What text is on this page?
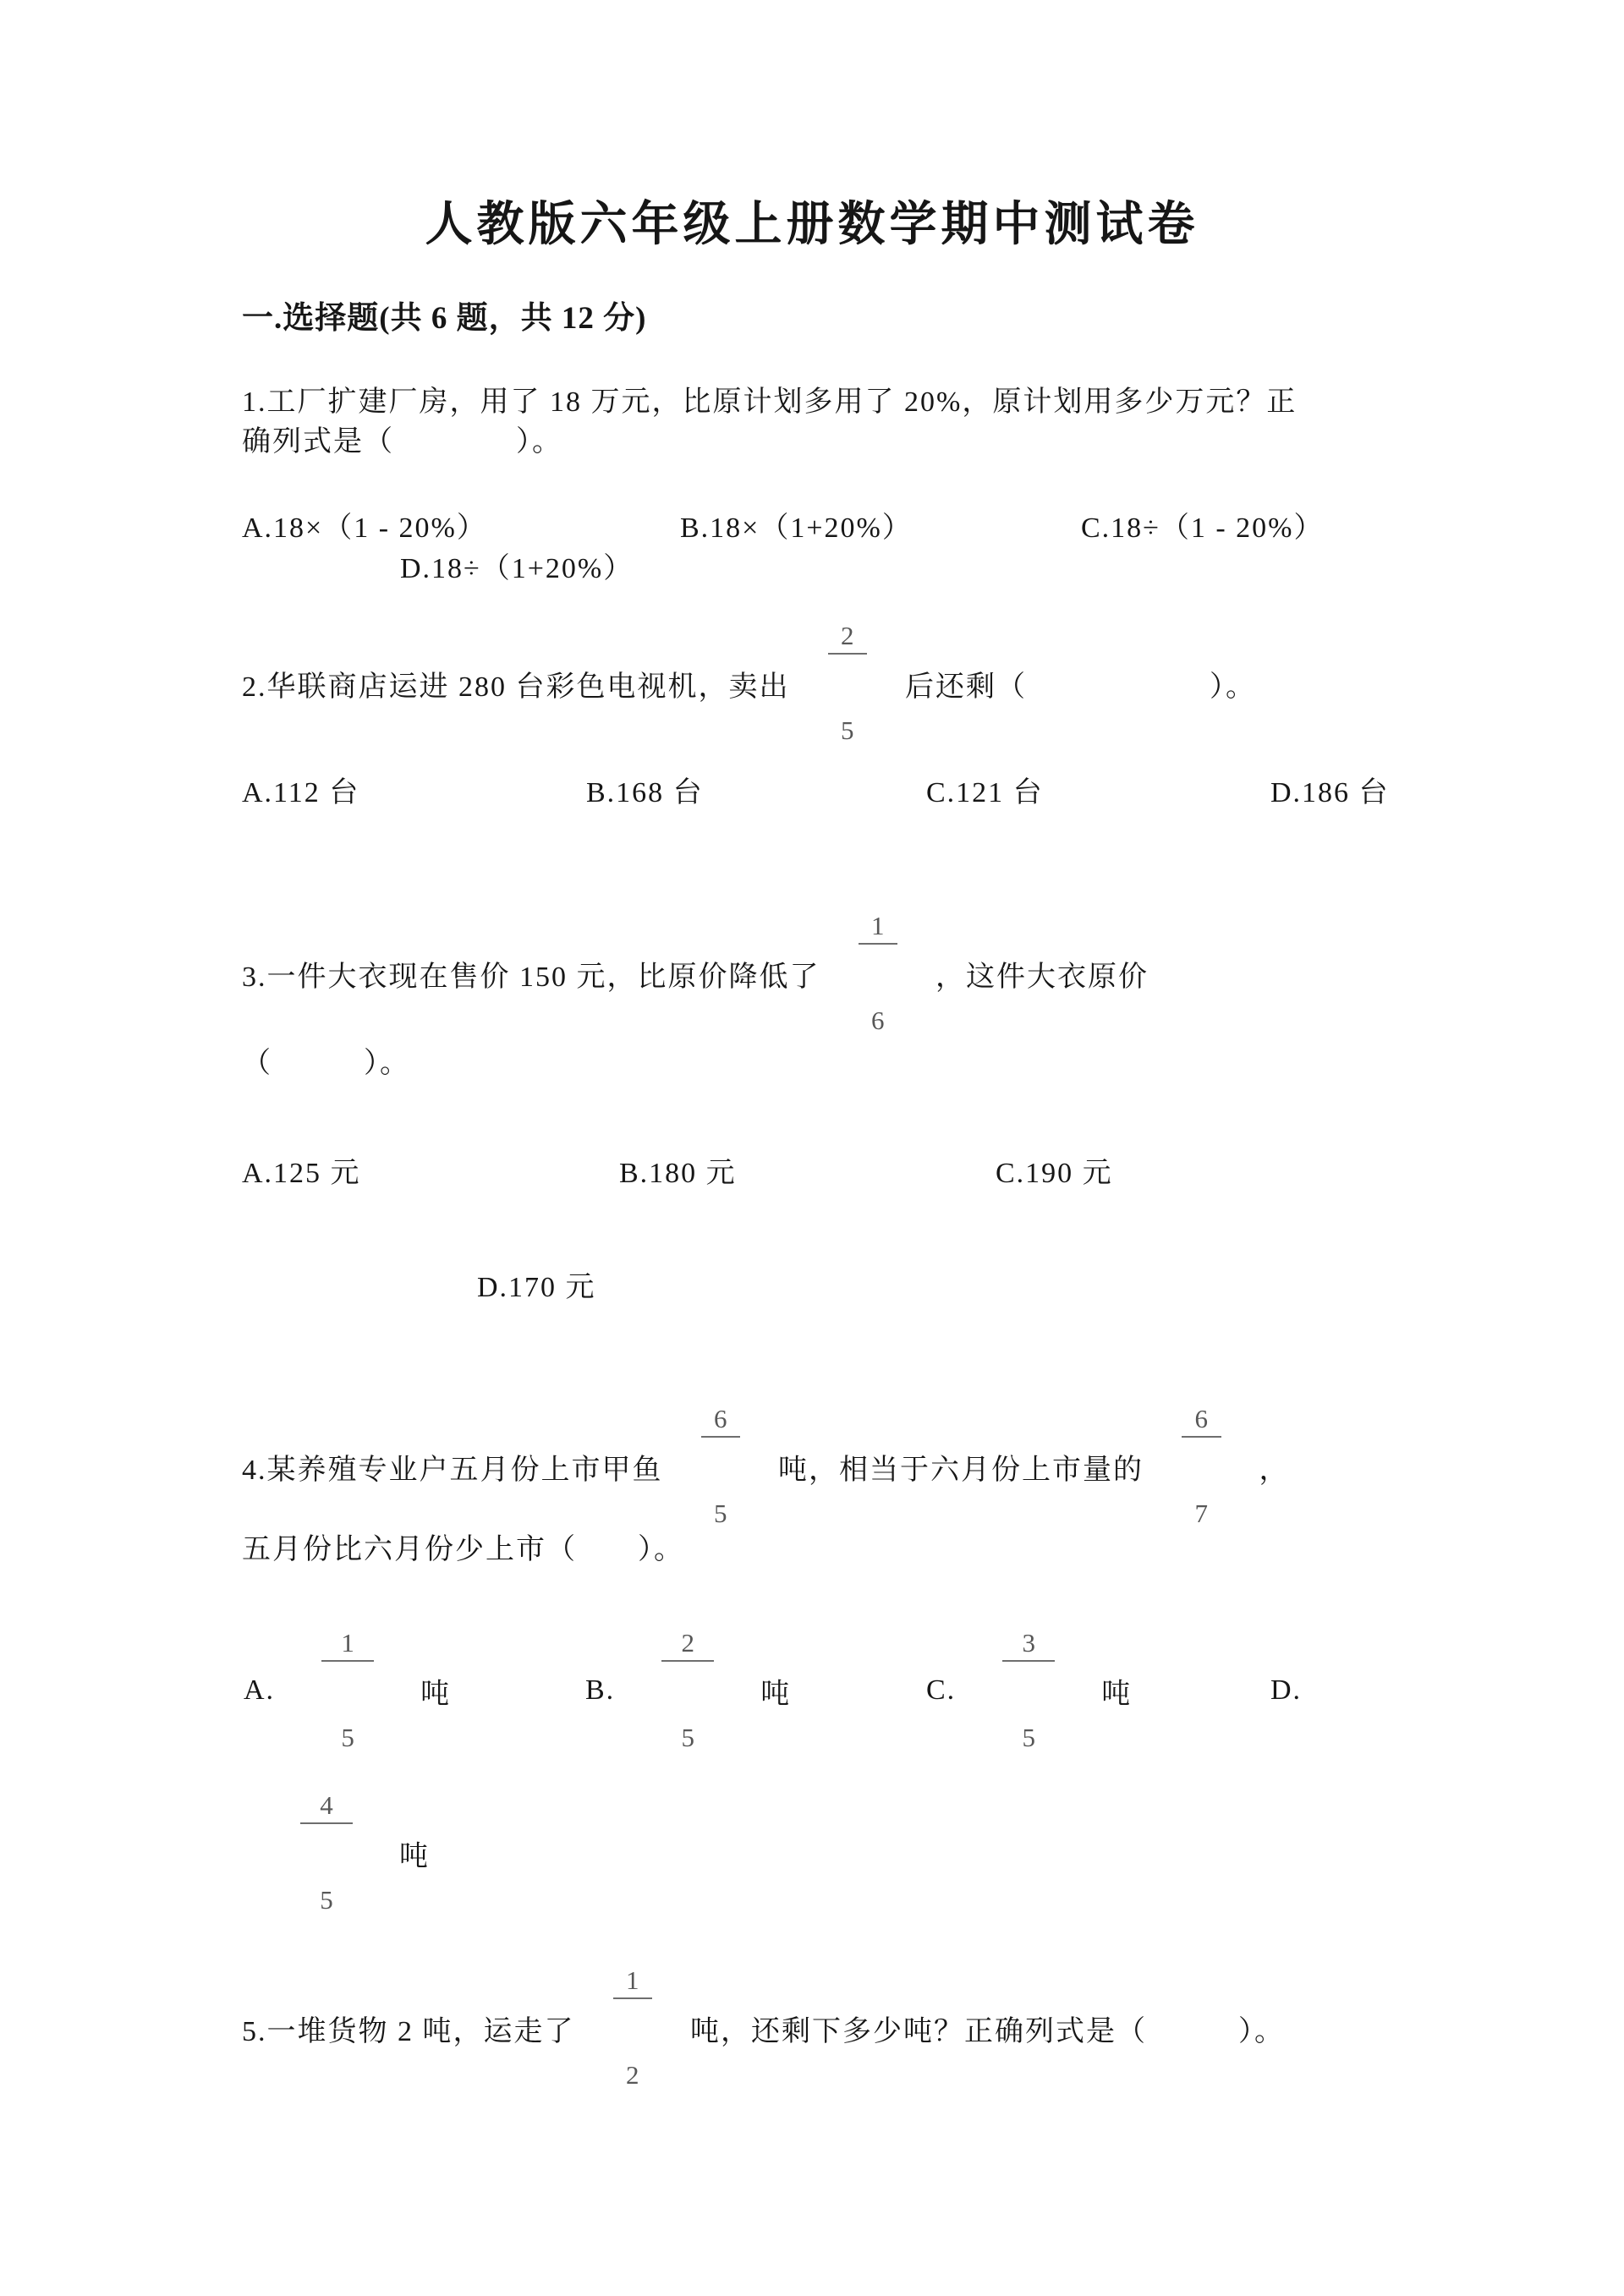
人教版六年级上册数学期中测试卷
一.选择题(共 6 题，共 12 分)
1.工厂扩建厂房，用了 18 万元，比原计划多用了 20%，原计划用多少万元？正
确列式是（　　　　）。
A.18×（1 - 20%）	B.18×（1+20%）	C.18÷（1 - 20%）
D.18÷（1+20%）
2.华联商店运进 280 台彩色电视机，卖出

$\frac{2}{5}$

后还剩（　　　　　　）。
A.112 台	B.168 台	C.121 台	D.186 台
3.一件大衣现在售价 150 元，比原价降低了

$\frac{1}{6}$

，这件大衣原价
（　　　）。
A.125 元	B.180 元	C.190 元
D.170 元
4.某养殖专业户五月份上市甲鱼

$\frac{6}{5}$

吨，相当于六月份上市量的

$\frac{6}{7}$

，
五月份比六月份少上市（　　）。
A.

$\frac{1}{5}$

吨	B.

$\frac{2}{5}$

吨	C.

$\frac{3}{5}$

吨	D.

$\frac{4}{5}$

吨
5.一堆货物 2 吨，运走了

$\frac{1}{2}$

吨，还剩下多少吨？正确列式是（　　　）。
